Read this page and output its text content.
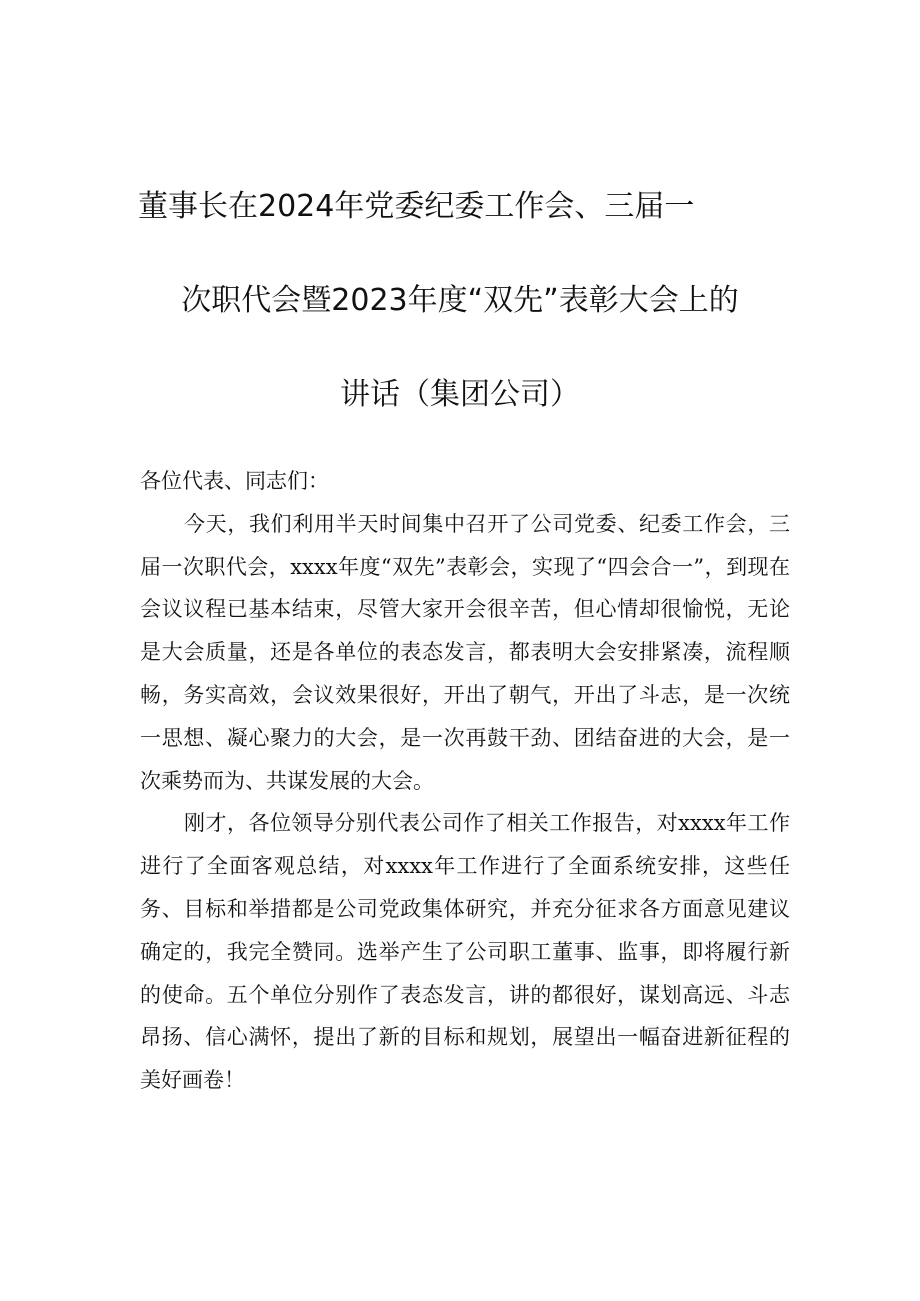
董事长在2024年党委纪委工作会、三届一
次职代会暨2023年度“双先”表彰大会上的
讲话（集团公司）

各位代表、同志们：

今天，我们利用半天时间集中召开了公司党委、纪委工作会，三届一次职代会，xxxx年度“双先”表彰会，实现了“四会合一”，到现在会议议程已基本结束，尽管大家开会很辛苦，但心情却很愉悦，无论是大会质量，还是各单位的表态发言，都表明大会安排紧凑，流程顺畅，务实高效，会议效果很好，开出了朝气，开出了斗志，是一次统一思想、凝心聚力的大会，是一次再鼓干劲、团结奋进的大会，是一次乘势而为、共谋发展的大会。

刚才，各位领导分别代表公司作了相关工作报告，对xxxx年工作进行了全面客观总结，对xxxx年工作进行了全面系统安排，这些任务、目标和举措都是公司党政集体研究，并充分征求各方面意见建议确定的，我完全赞同。选举产生了公司职工董事、监事，即将履行新的使命。五个单位分别作了表态发言，讲的都很好，谋划高远、斗志昂扬、信心满怀，提出了新的目标和规划，展望出一幅奋进新征程的美好画卷！
